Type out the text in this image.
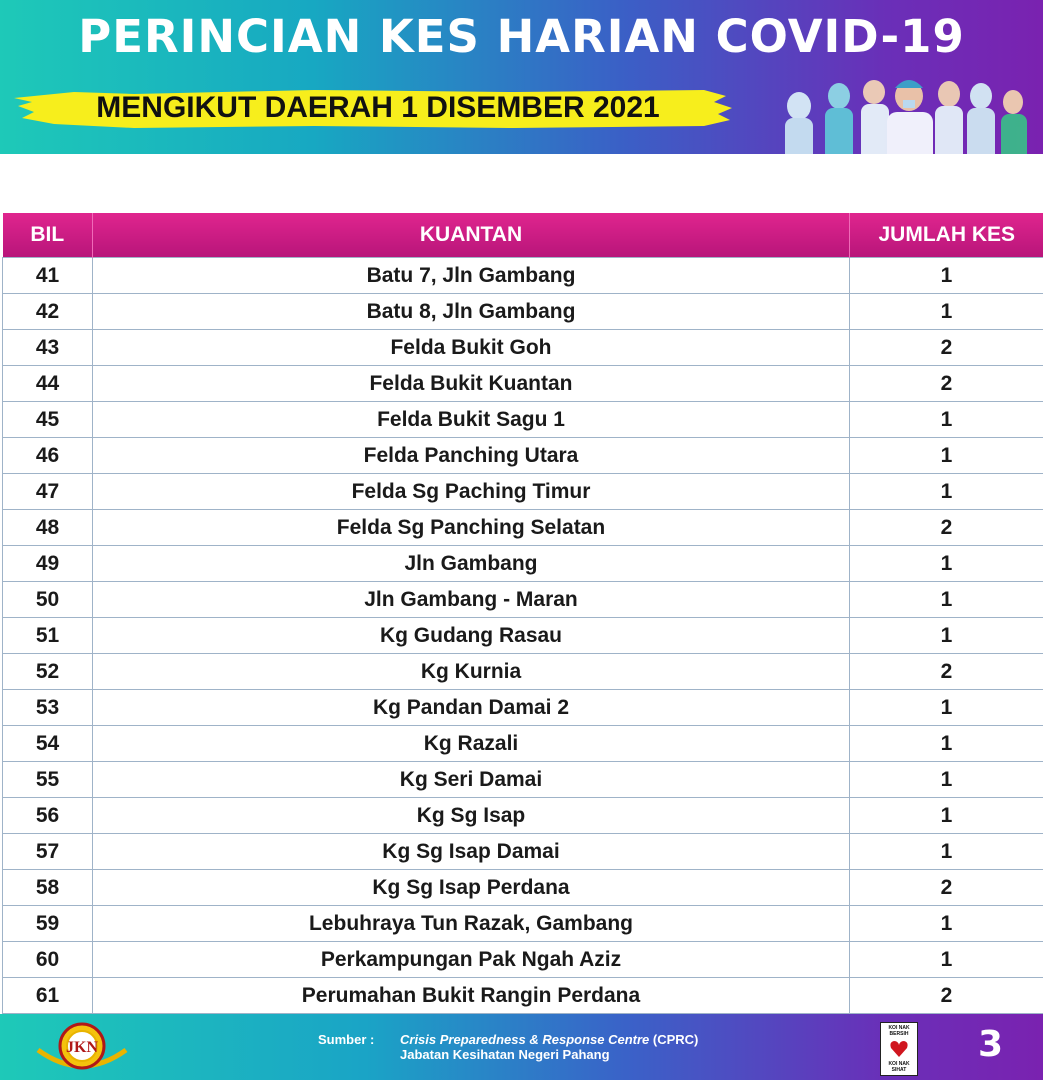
PERINCIAN KES HARIAN COVID-19
MENGIKUT DAERAH 1 DISEMBER 2021
BIL	KUANTAN	JUMLAH KES
41	Batu 7, Jln Gambang	1
42	Batu 8, Jln Gambang	1
43	Felda Bukit Goh	2
44	Felda Bukit Kuantan	2
45	Felda Bukit Sagu 1	1
46	Felda Panching Utara	1
47	Felda Sg Paching Timur	1
48	Felda Sg Panching Selatan	2
49	Jln Gambang	1
50	Jln Gambang - Maran	1
51	Kg Gudang Rasau	1
52	Kg Kurnia	2
53	Kg Pandan Damai 2	1
54	Kg Razali	1
55	Kg Seri Damai	1
56	Kg Sg Isap	1
57	Kg Sg Isap Damai	1
58	Kg Sg Isap Perdana	2
59	Lebuhraya Tun Razak, Gambang	1
60	Perkampungan Pak Ngah Aziz	1
61	Perumahan Bukit Rangin Perdana	2
JKN	Sumber : Crisis Preparedness & Response Centre (CPRC)
Jabatan Kesihatan Negeri Pahang
KOI NAK BERSIH
KOI NAK SIHAT
3
